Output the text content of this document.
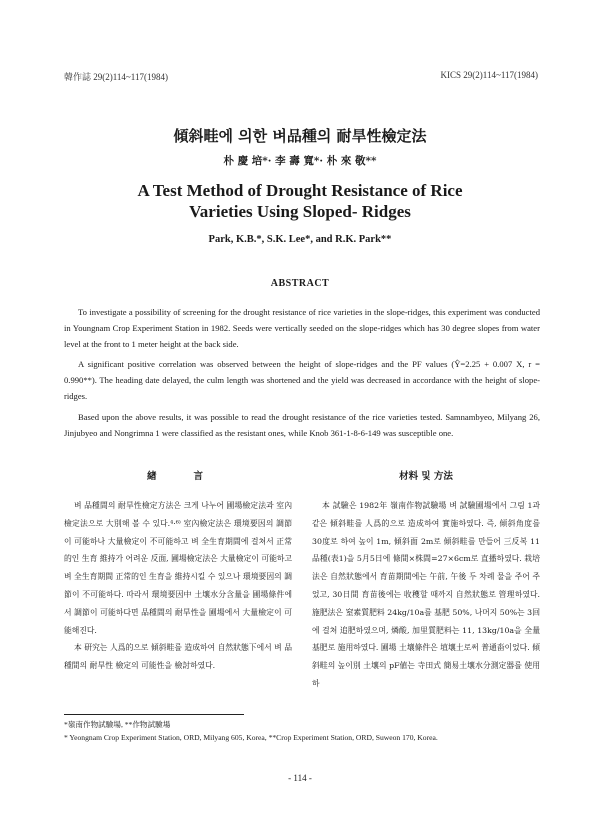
韓作誌 29(2)114~117(1984)	KICS 29(2)114~117(1984)
傾斜畦에 의한 벼品種의 耐旱性檢定法
朴 慶 培*· 李 壽 寬*· 朴 來 敬**
A Test Method of Drought Resistance of Rice
Varieties Using Sloped- Ridges
Park, K.B.*, S.K. Lee*, and R.K. Park**
ABSTRACT

To investigate a possibility of screening for the drought resistance of rice varieties in the slope-ridges, this experiment was conducted in Youngnam Crop Experiment Station in 1982. Seeds were vertically seeded on the slope-ridges which has 30 degree slopes from water level at the front to 1 meter height at the back side.

A significant positive correlation was observed between the height of slope-ridges and the PF values (Ŷ=2.25 + 0.007 X, r = 0.990**). The heading date delayed, the culm length was shortened and the yield was decreased in accordance with the height of slope-ridges.

Based upon the above results, it was possible to read the drought resistance of the rice varieties tested. Samnambyeo, Milyang 26, Jinjubyeo and Nongrimna 1 were classified as the resistant ones, while Knob 361-1-8-6-149 was susceptible one.

緖　　言	材料 및 方法

벼 品種間의 耐旱性檢定方法은 크게 나누어 圃場檢定法과 室內檢定法으로 大別해 볼 수 있다.⁴·⁶⁾ 室內檢定法은 環境要因의 調節이 可能하나 大量檢定이 不可能하고 벼 全生育期間에 걸쳐서 正常的인 生育 維持가 어려운 反面, 圃場檢定法은 大量檢定이 可能하고 벼 全生育期間 正常的인 生育을 維持시킬 수 있으나 環境要因의 調節이 不可能하다. 따라서 環境要因中 土壤水分含量을 圃場條件에서 調節이 可能하다면 品種間의 耐旱性을 圃場에서 大量檢定이 可能해진다.

本 研究는 人爲的으로 傾斜畦를 造成하여 自然狀態下에서 벼 品種間의 耐旱性 檢定의 可能性을 檢討하였다.

本 試驗은 1982年 嶺南作物試驗場 벼 試驗圃場에서 그림 1과 같은 傾斜畦를 人爲的으로 造成하여 實施하였다. 즉, 傾斜角度를 30度로 하여 높이 1m, 傾斜面 2m로 傾斜畦를 만들어 三反복 11品種(表1)을 5月5日에 條間×株間=27×6cm로 直播하였다. 栽培法은 自然狀態에서 育苗期間에는 午前, 午後 두 차례 물을 주어 주었고, 30日間 育苗後에는 收穫할 때까지 自然狀態로 管理하였다. 施肥法은 窒素質肥料 24kg/10a를 基肥 50%, 나머지 50%는 3回에 걸쳐 追肥하였으며, 燐酸, 加里質肥料는 11, 13kg/10a을 全量 基肥로 施用하였다. 圃場 土壤條件은 埴壤土로써 普通畓이었다. 傾斜畦의 높이別 土壤의 pF値는 寺田式 簡易土壤水分測定器를 使用하

*嶺南作物試驗場, **作物試驗場
* Yeongnam Crop Experiment Station, ORD, Milyang 605, Korea, **Crop Experiment Station, ORD, Suweon 170, Korea.
- 114 -
